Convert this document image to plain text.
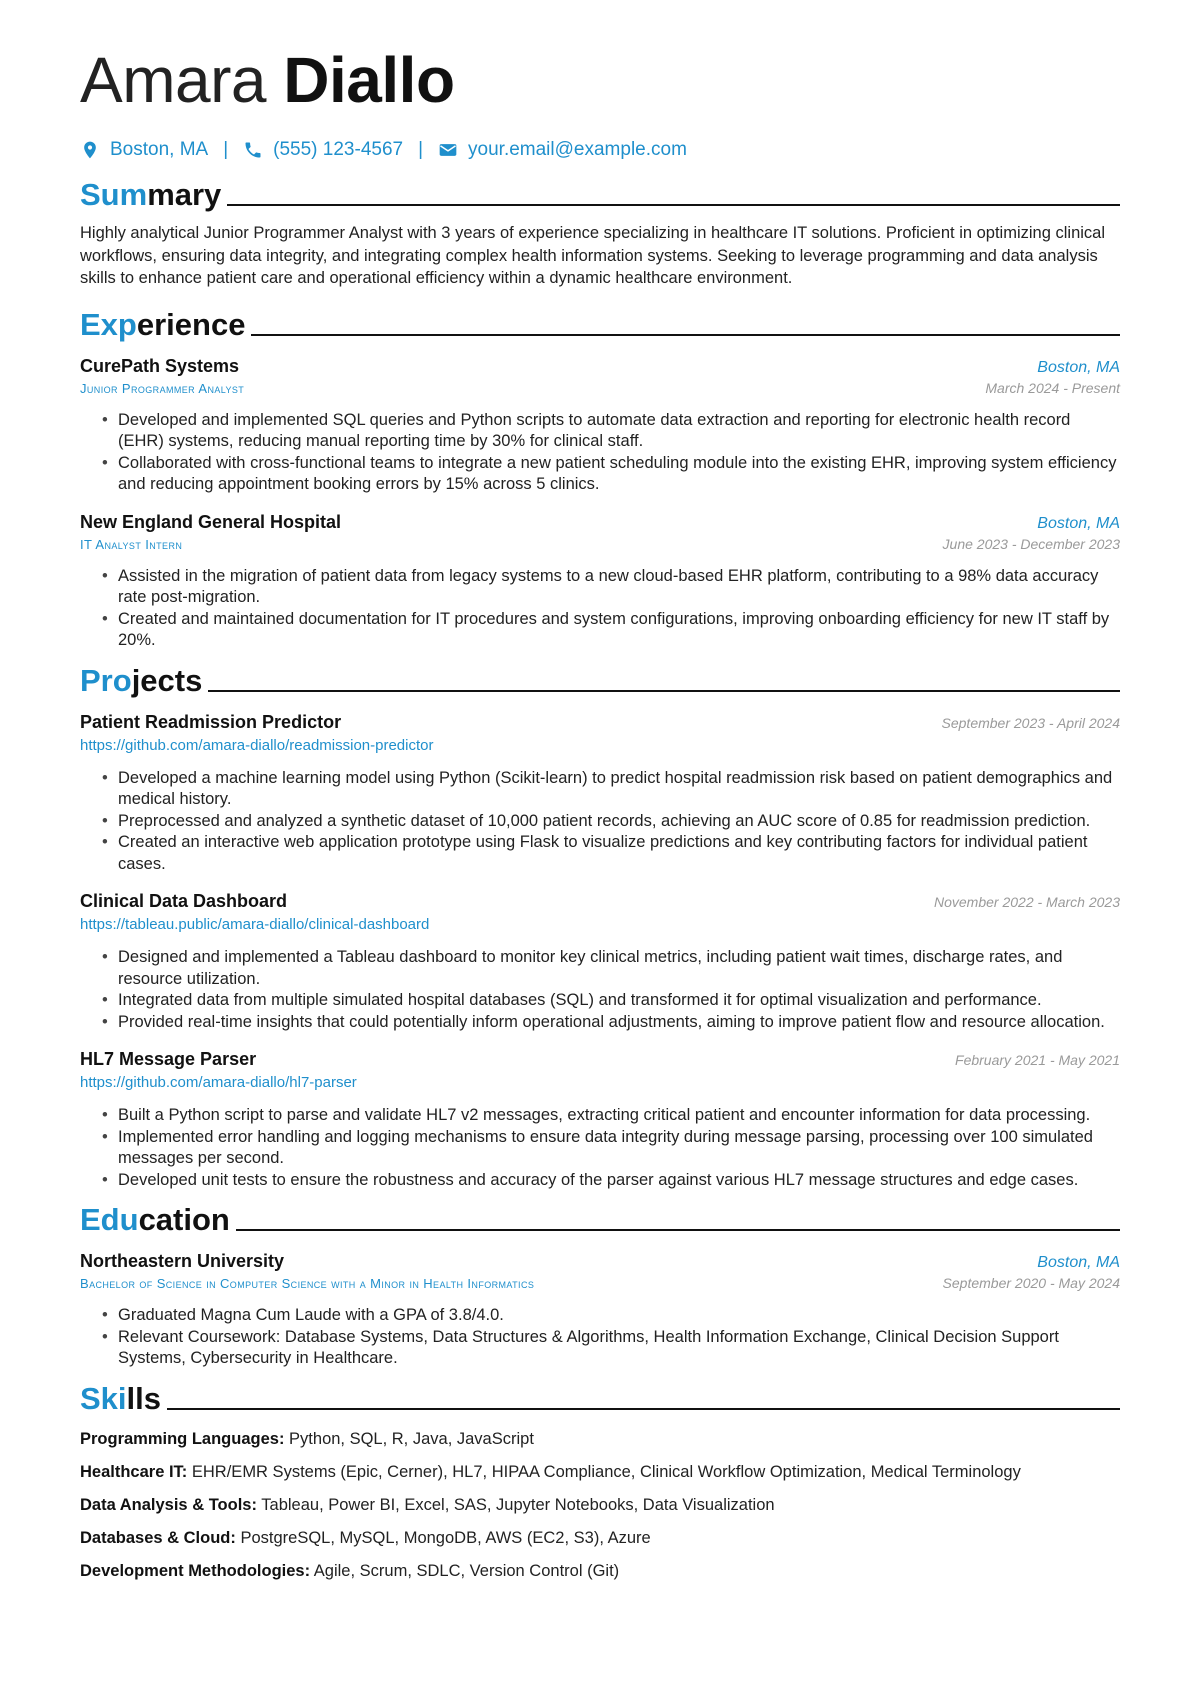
Amara Diallo
Boston, MA | (555) 123-4567 | your.email@example.com
Summary

Highly analytical Junior Programmer Analyst with 3 years of experience specializing in healthcare IT solutions. Proficient in optimizing clinical workflows, ensuring data integrity, and integrating complex health information systems. Seeking to leverage programming and data analysis skills to enhance patient care and operational efficiency within a dynamic healthcare environment.

Experience
CurePath Systems	Boston, MA
Junior Programmer Analyst	March 2024 - Present
• Developed and implemented SQL queries and Python scripts to automate data extraction and reporting for electronic health record (EHR) systems, reducing manual reporting time by 30% for clinical staff.
• Collaborated with cross-functional teams to integrate a new patient scheduling module into the existing EHR, improving system efficiency and reducing appointment booking errors by 15% across 5 clinics.
New England General Hospital	Boston, MA
IT Analyst Intern	June 2023 - December 2023
• Assisted in the migration of patient data from legacy systems to a new cloud-based EHR platform, contributing to a 98% data accuracy rate post-migration.
• Created and maintained documentation for IT procedures and system configurations, improving onboarding efficiency for new IT staff by 20%.
Projects
Patient Readmission Predictor	September 2023 - April 2024
https://github.com/amara-diallo/readmission-predictor
• Developed a machine learning model using Python (Scikit-learn) to predict hospital readmission risk based on patient demographics and medical history.
• Preprocessed and analyzed a synthetic dataset of 10,000 patient records, achieving an AUC score of 0.85 for readmission prediction.
• Created an interactive web application prototype using Flask to visualize predictions and key contributing factors for individual patient cases.
Clinical Data Dashboard	November 2022 - March 2023
https://tableau.public/amara-diallo/clinical-dashboard
• Designed and implemented a Tableau dashboard to monitor key clinical metrics, including patient wait times, discharge rates, and resource utilization.
• Integrated data from multiple simulated hospital databases (SQL) and transformed it for optimal visualization and performance.
• Provided real-time insights that could potentially inform operational adjustments, aiming to improve patient flow and resource allocation.
HL7 Message Parser	February 2021 - May 2021
https://github.com/amara-diallo/hl7-parser
• Built a Python script to parse and validate HL7 v2 messages, extracting critical patient and encounter information for data processing.
• Implemented error handling and logging mechanisms to ensure data integrity during message parsing, processing over 100 simulated messages per second.
• Developed unit tests to ensure the robustness and accuracy of the parser against various HL7 message structures and edge cases.
Education
Northeastern University	Boston, MA
Bachelor of Science in Computer Science with a Minor in Health Informatics	September 2020 - May 2024
• Graduated Magna Cum Laude with a GPA of 3.8/4.0.
• Relevant Coursework: Database Systems, Data Structures & Algorithms, Health Information Exchange, Clinical Decision Support Systems, Cybersecurity in Healthcare.
Skills
Programming Languages: Python, SQL, R, Java, JavaScript
Healthcare IT: EHR/EMR Systems (Epic, Cerner), HL7, HIPAA Compliance, Clinical Workflow Optimization, Medical Terminology
Data Analysis & Tools: Tableau, Power BI, Excel, SAS, Jupyter Notebooks, Data Visualization
Databases & Cloud: PostgreSQL, MySQL, MongoDB, AWS (EC2, S3), Azure
Development Methodologies: Agile, Scrum, SDLC, Version Control (Git)
